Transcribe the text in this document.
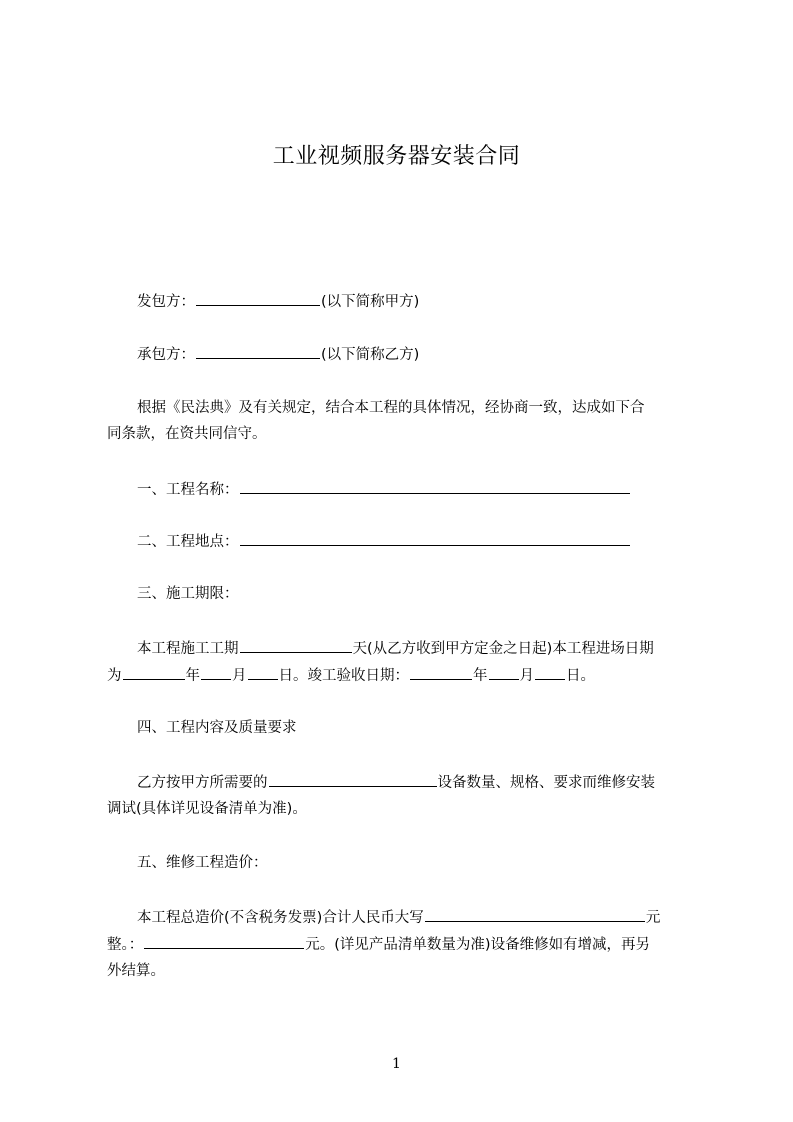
工业视频服务器安装合同
发包方：	(以下简称甲方)
承包方：	(以下简称乙方)
根据《民法典》及有关规定，结合本工程的具体情况，经协商一致，达成如下合
同条款，在资共同信守。
一、工程名称：
二、工程地点：
三、施工期限：
本工程施工工期	天(从乙方收到甲方定金之日起)本工程进场日期
为	年 月 日。竣工验收日期：	年 月 日。
四、工程内容及质量要求
乙方按甲方所需要的	设备数量、规格、要求而维修安装
调试(具体详见设备清单为准)。
五、维修工程造价：
本工程总造价(不含税务发票)合计人民币大写	元
整。：	元。(详见产品清单数量为准)设备维修如有增减，再另
外结算。
1
